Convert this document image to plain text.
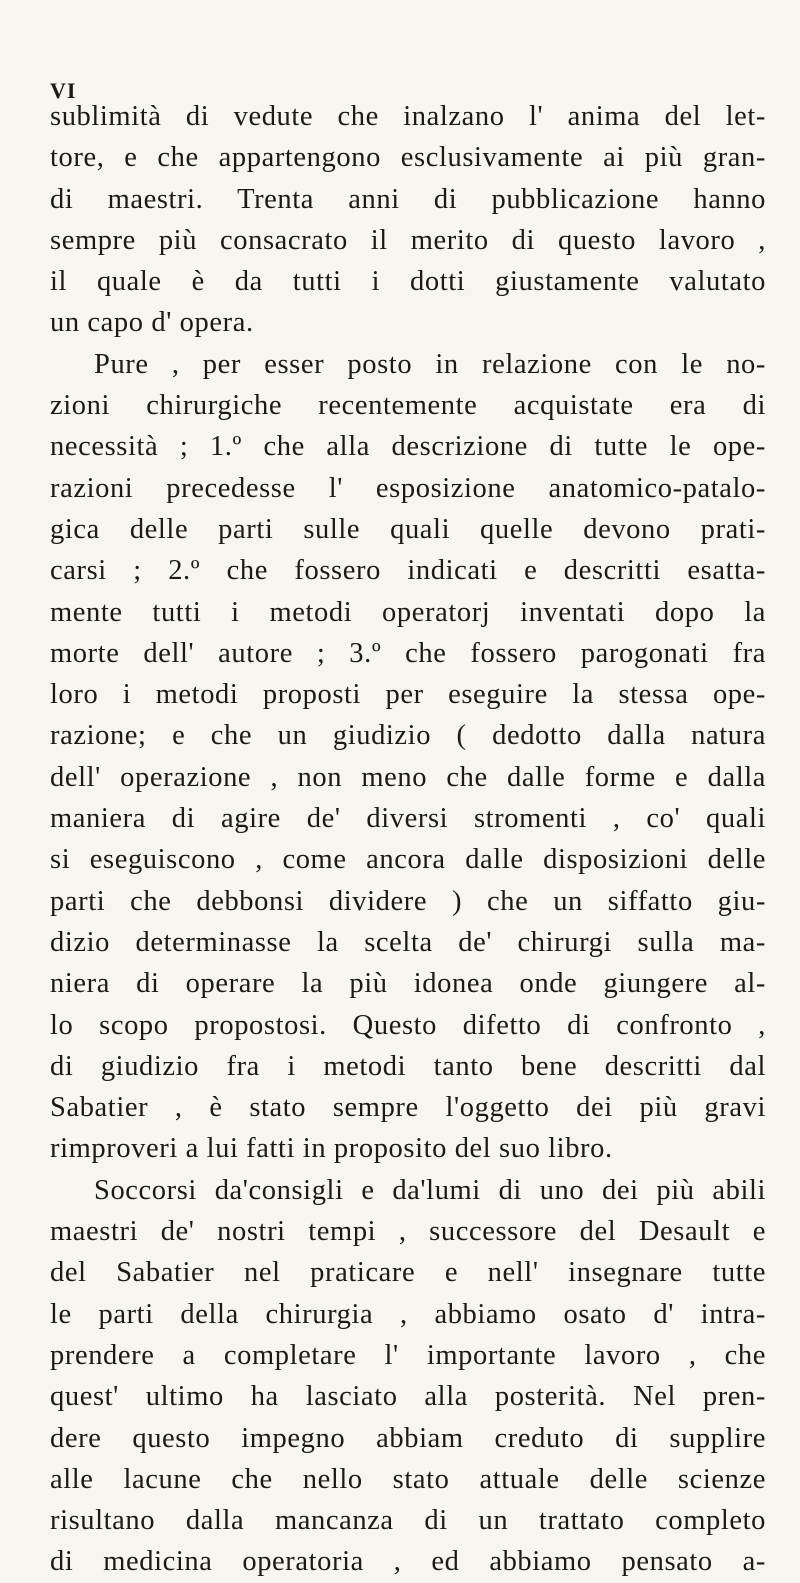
VI
sublimità di vedute che inalzano l' anima del let-
tore, e che appartengono esclusivamente ai più gran-
di maestri. Trenta anni di pubblicazione hanno
sempre più consacrato il merito di questo lavoro ,
il quale è da tutti i dotti giustamente valutato
un capo d' opera.
Pure , per esser posto in relazione con le no-
zioni chirurgiche recentemente acquistate era di
necessità ; 1.º che alla descrizione di tutte le ope-
razioni precedesse l' esposizione anatomico-patalo-
gica delle parti sulle quali quelle devono prati-
carsi ; 2.º che fossero indicati e descritti esatta-
mente tutti i metodi operatorj inventati dopo la
morte dell' autore ; 3.º che fossero parogonati fra
loro i metodi proposti per eseguire la stessa ope-
razione; e che un giudizio ( dedotto dalla natura
dell' operazione , non meno che dalle forme e dalla
maniera di agire de' diversi stromenti , co' quali
si eseguiscono , come ancora dalle disposizioni delle
parti che debbonsi dividere ) che un siffatto giu-
dizio determinasse la scelta de' chirurgi sulla ma-
niera di operare la più idonea onde giungere al-
lo scopo propostosi. Questo difetto di confronto ,
di giudizio fra i metodi tanto bene descritti dal
Sabatier , è stato sempre l'oggetto dei più gravi
rimproveri a lui fatti in proposito del suo libro.
Soccorsi da'consigli e da'lumi di uno dei più abili
maestri de' nostri tempi , successore del Desault e
del Sabatier nel praticare e nell' insegnare tutte
le parti della chirurgia , abbiamo osato d' intra-
prendere a completare l' importante lavoro , che
quest' ultimo ha lasciato alla posterità. Nel pren-
dere questo impegno abbiam creduto di supplire
alle lacune che nello stato attuale delle scienze
risultano dalla mancanza di un trattato completo
di medicina operatoria , ed abbiamo pensato a-
